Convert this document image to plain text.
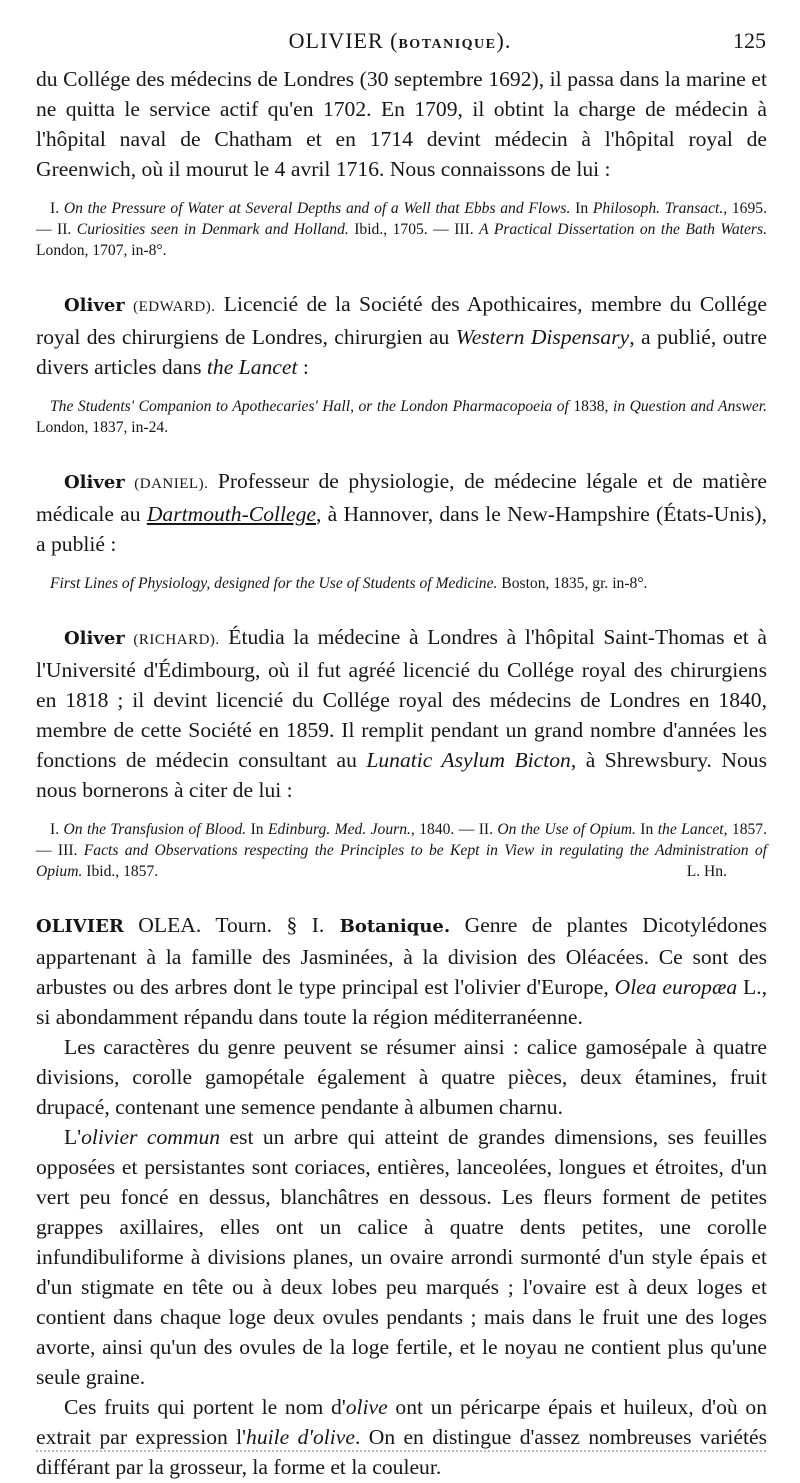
OLIVIER (BOTANIQUE).	125

du Collége des médecins de Londres (30 septembre 1692), il passa dans la marine et ne quitta le service actif qu'en 1702. En 1709, il obtint la charge de médecin à l'hôpital naval de Chatham et en 1714 devint médecin à l'hôpital royal de Greenwich, où il mourut le 4 avril 1716. Nous connaissons de lui :

I. On the Pressure of Water at Several Depths and of a Well that Ebbs and Flows. In Philosoph. Transact., 1695. — II. Curiosities seen in Denmark and Holland. Ibid., 1705. — III. A Practical Dissertation on the Bath Waters. London, 1707, in-8°.

Oliver (EDWARD). Licencié de la Société des Apothicaires, membre du Collége royal des chirurgiens de Londres, chirurgien au Western Dispensary, a publié, outre divers articles dans the Lancet :

The Students' Companion to Apothecaries' Hall, or the London Pharmacopoeia of 1838, in Question and Answer. London, 1837, in-24.

Oliver (DANIEL). Professeur de physiologie, de médecine légale et de matière médicale au Dartmouth-College, à Hannover, dans le New-Hampshire (États-Unis), a publié :

First Lines of Physiology, designed for the Use of Students of Medicine. Boston, 1835, gr. in-8°.

Oliver (RICHARD). Étudia la médecine à Londres à l'hôpital Saint-Thomas et à l'Université d'Édimbourg, où il fut agréé licencié du Collége royal des chirurgiens en 1818 ; il devint licencié du Collége royal des médecins de Londres en 1840, membre de cette Société en 1859. Il remplit pendant un grand nombre d'années les fonctions de médecin consultant au Lunatic Asylum Bicton, à Shrewsbury. Nous nous bornerons à citer de lui :

I. On the Transfusion of Blood. In Edinburg. Med. Journ., 1840. — II. On the Use of Opium. In the Lancet, 1857. — III. Facts and Observations respecting the Principles to be Kept in View in regulating the Administration of Opium. Ibid., 1857.	L. Hn.

OLIVIER OLEA. Tourn. § I. Botanique. Genre de plantes Dicotylédones appartenant à la famille des Jasminées, à la division des Oléacées. Ce sont des arbustes ou des arbres dont le type principal est l'olivier d'Europe, Olea europæa L., si abondamment répandu dans toute la région méditerranéenne.

Les caractères du genre peuvent se résumer ainsi : calice gamosépale à quatre divisions, corolle gamopétale également à quatre pièces, deux étamines, fruit drupacé, contenant une semence pendante à albumen charnu.

L'olivier commun est un arbre qui atteint de grandes dimensions, ses feuilles opposées et persistantes sont coriaces, entières, lanceolées, longues et étroites, d'un vert peu foncé en dessus, blanchâtres en dessous. Les fleurs forment de petites grappes axillaires, elles ont un calice à quatre dents petites, une corolle infundibuliforme à divisions planes, un ovaire arrondi surmonté d'un style épais et d'un stigmate en tête ou à deux lobes peu marqués ; l'ovaire est à deux loges et contient dans chaque loge deux ovules pendants ; mais dans le fruit une des loges avorte, ainsi qu'un des ovules de la loge fertile, et le noyau ne contient plus qu'une seule graine.

Ces fruits qui portent le nom d'olive ont un péricarpe épais et huileux, d'où on extrait par expression l'huile d'olive. On en distingue d'assez nombreuses variétés différant par la grosseur, la forme et la couleur.
